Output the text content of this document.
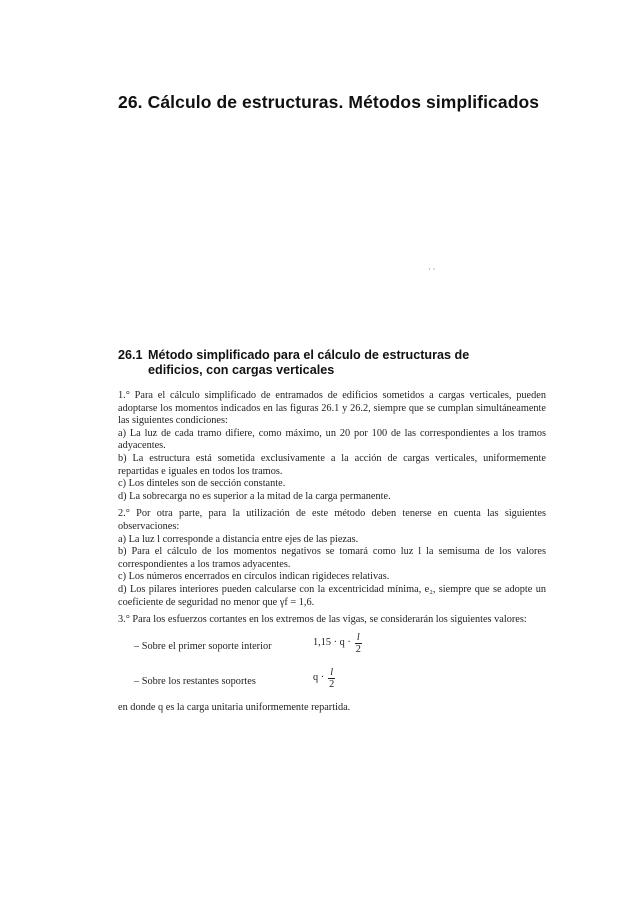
26. Cálculo de estructuras. Métodos simplificados
· ·
26.1 Método simplificado para el cálculo de estructuras de
edificios, con cargas verticales

1.° Para el cálculo simplificado de entramados de edificios sometidos a cargas verticales, pueden adoptarse los momentos indicados en las figuras 26.1 y 26.2, siempre que se cumplan simultáneamente las siguientes condiciones:

a) La luz de cada tramo difiere, como máximo, un 20 por 100 de las correspondientes a los tramos adyacentes.

b) La estructura está sometida exclusivamente a la acción de cargas verticales, uniformemente repartidas e iguales en todos los tramos.

c) Los dinteles son de sección constante.

d) La sobrecarga no es superior a la mitad de la carga permanente.

2.° Por otra parte, para la utilización de este método deben tenerse en cuenta las siguientes observaciones:

a) La luz l corresponde a distancia entre ejes de las piezas.

b) Para el cálculo de los momentos negativos se tomará como luz l la semisuma de los valores correspondientes a los tramos adyacentes.

c) Los números encerrados en círculos indican rigideces relativas.

d) Los pilares interiores pueden calcularse con la excentricidad mínima, e₂, siempre que se adopte un coeficiente de seguridad no menor que γf = 1,6.

3.° Para los esfuerzos cortantes en los extremos de las vigas, se considerarán los siguientes valores:

– Sobre el primer soporte interior	$1,15 \cdot q \cdot \frac{l}{2}$
– Sobre los restantes soportes	$q \cdot \frac{l}{2}$

en donde q es la carga unitaria uniformemente repartida.
